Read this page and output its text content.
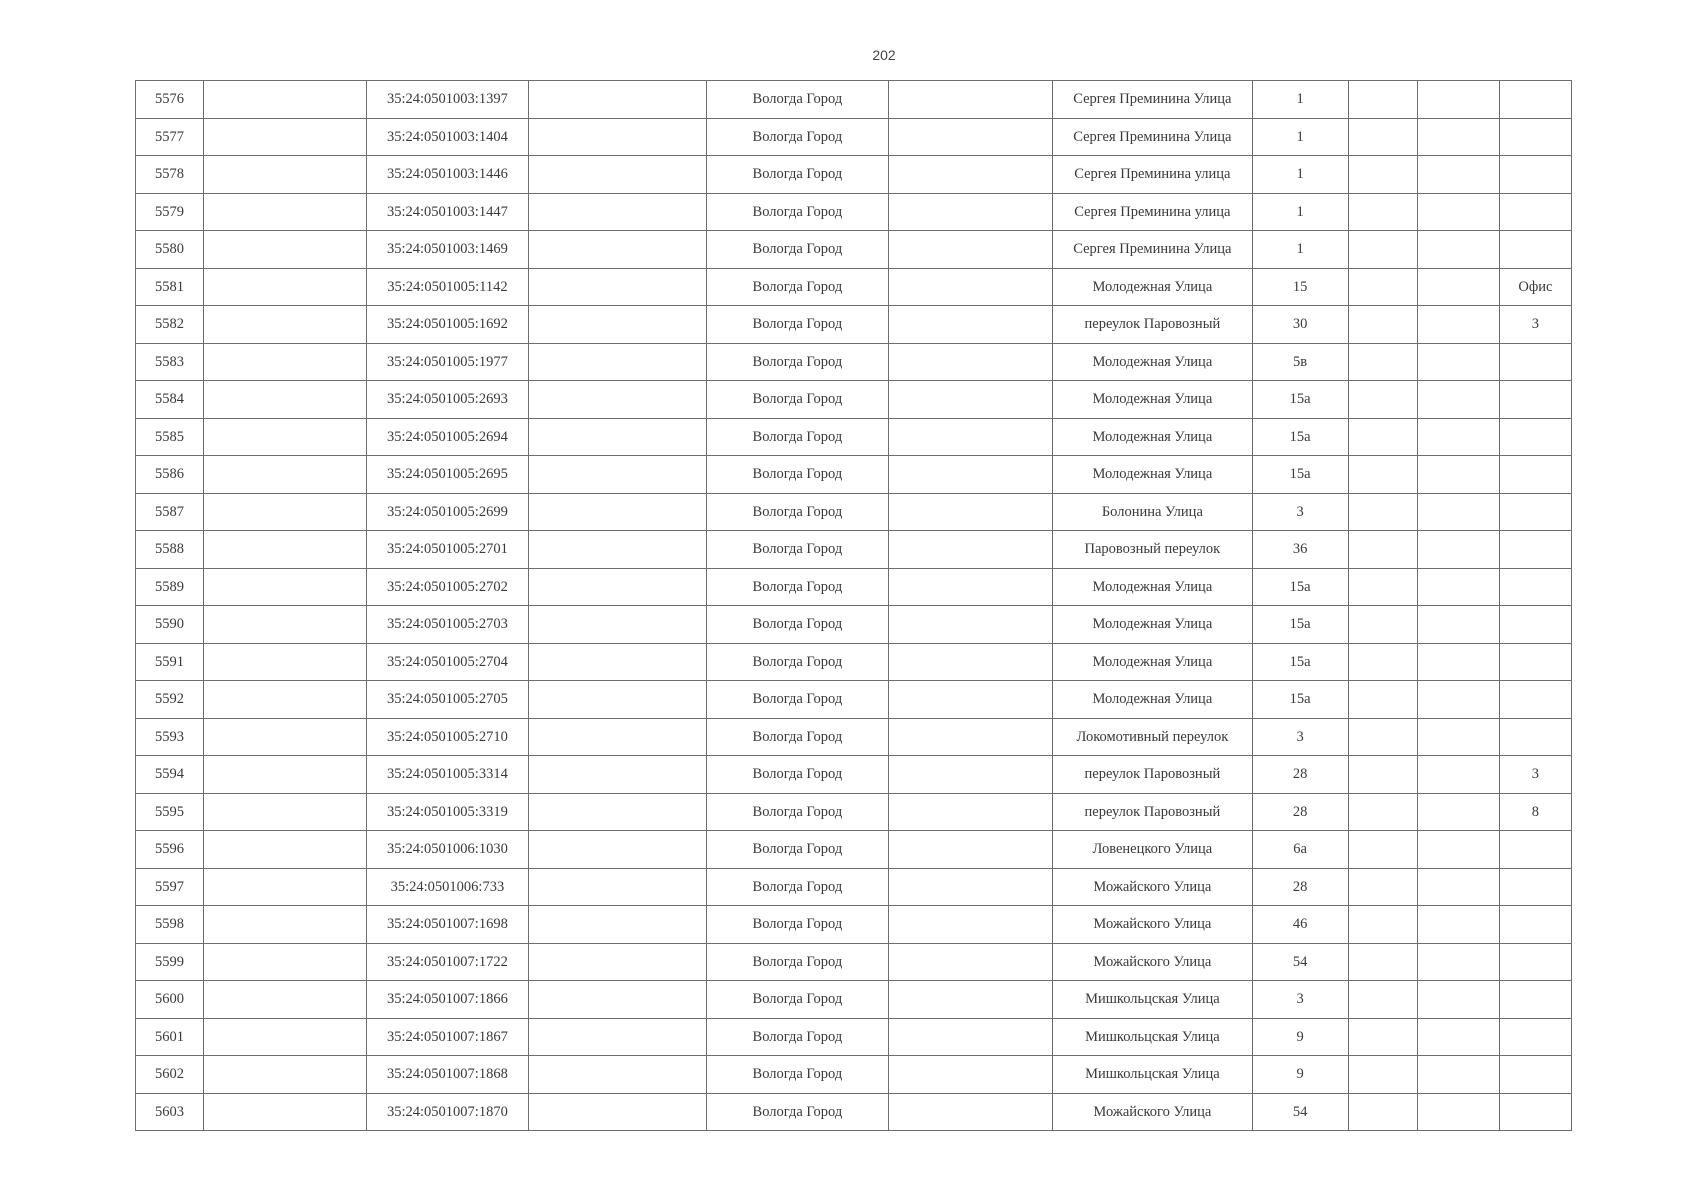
202
5576		35:24:0501003:1397		Вологда Город		Сергея Преминина Улица	1			
5577		35:24:0501003:1404		Вологда Город		Сергея Преминина Улица	1			
5578		35:24:0501003:1446		Вологда Город		Сергея Преминина улица	1			
5579		35:24:0501003:1447		Вологда Город		Сергея Преминина улица	1			
5580		35:24:0501003:1469		Вологда Город		Сергея Преминина Улица	1			
5581		35:24:0501005:1142		Вологда Город		Молодежная Улица	15			Офис
5582		35:24:0501005:1692		Вологда Город		переулок Паровозный	30			3
5583		35:24:0501005:1977		Вологда Город		Молодежная Улица	5в			
5584		35:24:0501005:2693		Вологда Город		Молодежная Улица	15а			
5585		35:24:0501005:2694		Вологда Город		Молодежная Улица	15а			
5586		35:24:0501005:2695		Вологда Город		Молодежная Улица	15а			
5587		35:24:0501005:2699		Вологда Город		Болонина Улица	3			
5588		35:24:0501005:2701		Вологда Город		Паровозный переулок	36			
5589		35:24:0501005:2702		Вологда Город		Молодежная Улица	15а			
5590		35:24:0501005:2703		Вологда Город		Молодежная Улица	15а			
5591		35:24:0501005:2704		Вологда Город		Молодежная Улица	15а			
5592		35:24:0501005:2705		Вологда Город		Молодежная Улица	15а			
5593		35:24:0501005:2710		Вологда Город		Локомотивный переулок	3			
5594		35:24:0501005:3314		Вологда Город		переулок Паровозный	28			3
5595		35:24:0501005:3319		Вологда Город		переулок Паровозный	28			8
5596		35:24:0501006:1030		Вологда Город		Ловенецкого Улица	6а			
5597		35:24:0501006:733		Вологда Город		Можайского Улица	28			
5598		35:24:0501007:1698		Вологда Город		Можайского Улица	46			
5599		35:24:0501007:1722		Вологда Город		Можайского Улица	54			
5600		35:24:0501007:1866		Вологда Город		Мишкольцская Улица	3			
5601		35:24:0501007:1867		Вологда Город		Мишкольцская Улица	9			
5602		35:24:0501007:1868		Вологда Город		Мишкольцская Улица	9			
5603		35:24:0501007:1870		Вологда Город		Можайского Улица	54			
